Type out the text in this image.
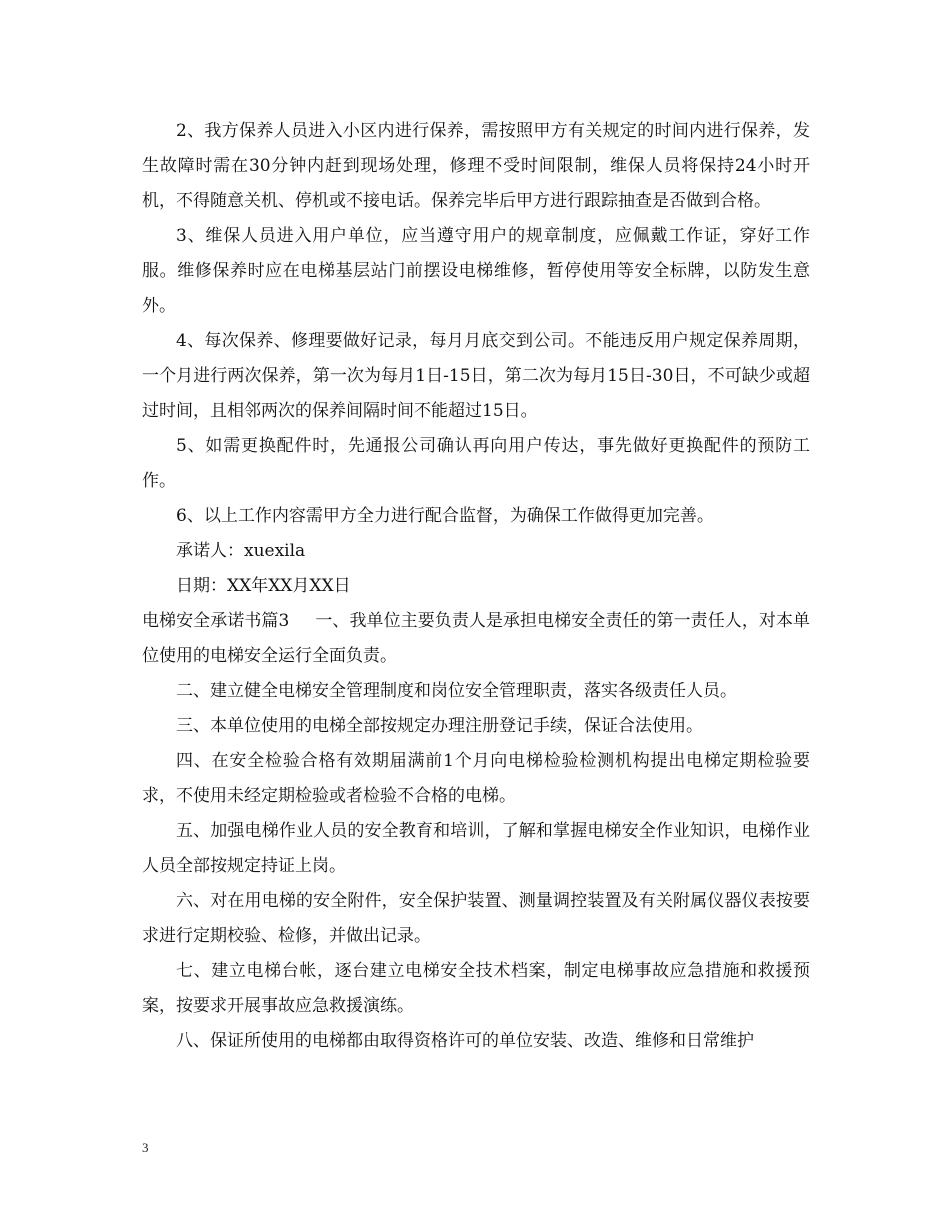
2、我方保养人员进入小区内进行保养，需按照甲方有关规定的时间内进行保养，发生故障时需在30分钟内赶到现场处理，修理不受时间限制，维保人员将保持24小时开机，不得随意关机、停机或不接电话。保养完毕后甲方进行跟踪抽查是否做到合格。

3、维保人员进入用户单位，应当遵守用户的规章制度，应佩戴工作证，穿好工作服。维修保养时应在电梯基层站门前摆设电梯维修，暂停使用等安全标牌，以防发生意外。

4、每次保养、修理要做好记录，每月月底交到公司。不能违反用户规定保养周期，一个月进行两次保养，第一次为每月1日-15日，第二次为每月15日-30日，不可缺少或超过时间，且相邻两次的保养间隔时间不能超过15日。

5、如需更换配件时，先通报公司确认再向用户传达，事先做好更换配件的预防工作。

6、以上工作内容需甲方全力进行配合监督，为确保工作做得更加完善。

承诺人：xuexila

日期：XX年XX月XX日

电梯安全承诺书篇3 一、我单位主要负责人是承担电梯安全责任的第一责任人，对本单位使用的电梯安全运行全面负责。

二、建立健全电梯安全管理制度和岗位安全管理职责，落实各级责任人员。

三、本单位使用的电梯全部按规定办理注册登记手续，保证合法使用。

四、在安全检验合格有效期届满前1个月向电梯检验检测机构提出电梯定期检验要求，不使用未经定期检验或者检验不合格的电梯。

五、加强电梯作业人员的安全教育和培训，了解和掌握电梯安全作业知识，电梯作业人员全部按规定持证上岗。

六、对在用电梯的安全附件，安全保护装置、测量调控装置及有关附属仪器仪表按要求进行定期校验、检修，并做出记录。

七、建立电梯台帐，逐台建立电梯安全技术档案，制定电梯事故应急措施和救援预案，按要求开展事故应急救援演练。

八、保证所使用的电梯都由取得资格许可的单位安装、改造、维修和日常维护

3
